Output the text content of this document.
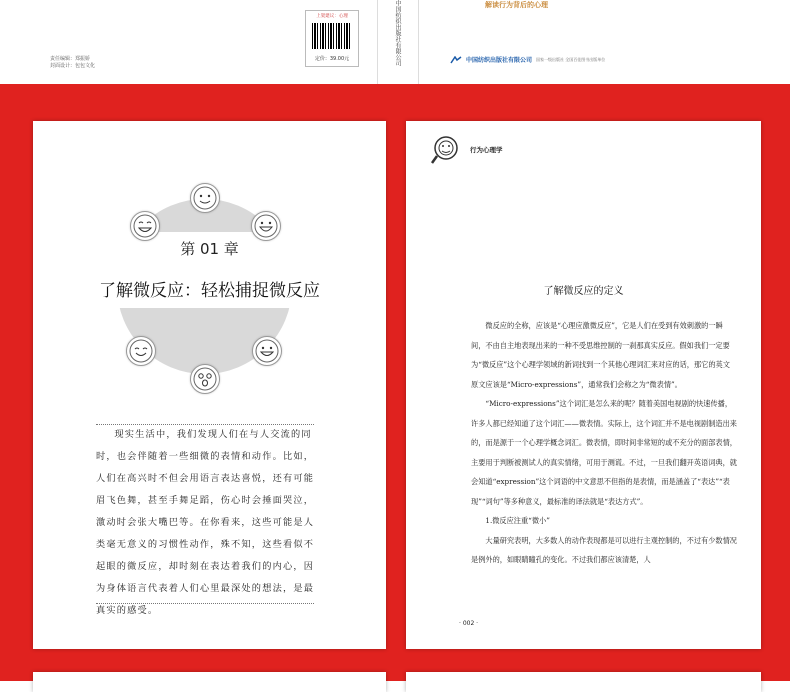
责任编辑：郑振娇
封面设计：包包文化
上架建议：心理
定价：39.00元	中国纺织出版社有限公司	解读行为背后的心理
中国纺织出版社有限公司 国家一级出版社 全国百佳图书出版单位
第 01 章
了解微反应：轻松捕捉微反应
现实生活中，我们发现人们在与人交流的同时，也会伴随着一些细微的表情和动作。比如，人们在高兴时不但会用语言表达喜悦，还有可能眉飞色舞，甚至手舞足蹈，伤心时会捶面哭泣，激动时会张大嘴巴等。在你看来，这些可能是人类毫无意义的习惯性动作，殊不知，这些看似不起眼的微反应，却时刻在表达着我们的内心，因为身体语言代表着人们心里最深处的想法，是最真实的感受。
行为心理学
了解微反应的定义

微反应的全称，应该是“心理应激微反应”，它是人们在受到有效刺激的一瞬间，不由自主地表现出来的一种不受思维控制的一刹那真实反应。假如我们一定要为“微反应”这个心理学领域的新词找到一个其他心理词汇来对应的话，那它的英文原文应该是“Micro-expressions”，通常我们会称之为“微表情”。

“Micro-expressions”这个词汇是怎么来的呢？随着美国电视剧的快速传播，许多人都已经知道了这个词汇——微表情。实际上，这个词汇并不是电视剧制造出来的，而是源于一个心理学概念词汇。微表情，即时间非常短的或不充分的面部表情，主要用于判断被测试人的真实情绪，可用于测谎。不过，一旦我们翻开英语词典，就会知道“expression”这个词语的中文意思不但指的是表情，而是涵盖了“表达”“表现”“词句”等多种意义，最标准的译法就是“表达方式”。

1.微反应注重“微小”

大量研究表明，大多数人的动作表现都是可以进行主观控制的，不过有少数情况是例外的，如眼睛瞳孔的变化。不过我们都应该清楚，人

· 002 ·
